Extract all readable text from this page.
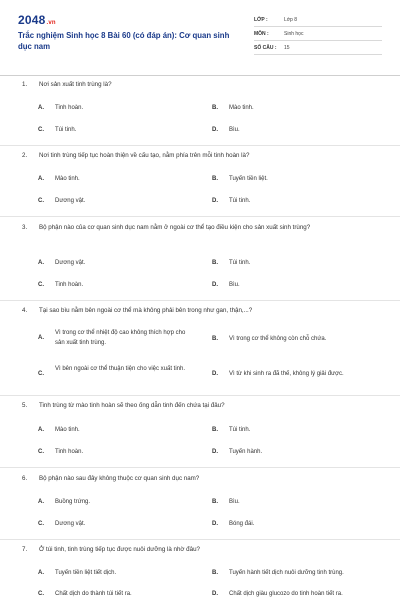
2048.vn
Trắc nghiệm Sinh học 8 Bài 60 (có đáp án): Cơ quan sinh dục nam
LỚP :	Lớp 8
MÔN :	Sinh học
SỐ CÂU :	15
1. Nơi sản xuất tinh trùng là?
A.	Tinh hoàn.	B.	Mào tinh.
C.	Túi tinh.	D.	Bìu.
2. Nơi tinh trùng tiếp tục hoàn thiện về cấu tạo, nằm phía trên mỗi tinh hoàn là?
A.	Mào tinh.	B.	Tuyến tiền liệt.
C.	Dương vật.	D.	Túi tinh.
3. Bộ phận nào của cơ quan sinh dục nam nằm ở ngoài cơ thể tạo điều kiện cho sản xuất sinh trùng?
A.	Dương vật.	B.	Túi tinh.
C.	Tinh hoàn.	D.	Bìu.
4. Tại sao bìu nằm bên ngoài cơ thể mà không phải bên trong như gan, thận,...?
A.
Vì trong cơ thể nhiệt độ cao không thích hợp cho sản xuất tinh trùng.
B.	Vì trong cơ thể không còn chỗ chứa.
C.
Vì bên ngoài cơ thể thuận tiện cho việc xuất tinh.
D.	Vì từ khi sinh ra đã thế, không lý giải được.
5. Tinh trùng từ mào tinh hoàn sẽ theo ống dẫn tinh đến chứa tại đâu?
A.	Mào tinh.	B.	Túi tinh.
C.	Tinh hoàn.	D.	Tuyến hành.
6. Bộ phận nào sau đây không thuộc cơ quan sinh dục nam?
A.	Buồng trứng.	B.	Bìu.
C.	Dương vật.	D.	Bóng đái.
7. Ở túi tinh, tinh trùng tiếp tục được nuôi dưỡng là nhờ đâu?
A.	Tuyến tiền liệt tiết dịch.	B.	Tuyến hành tiết dịch nuôi dưỡng tinh trùng.
C.	Chất dịch do thành túi tiết ra.	D.	Chất dịch giàu glucozo do tinh hoàn tiết ra.
